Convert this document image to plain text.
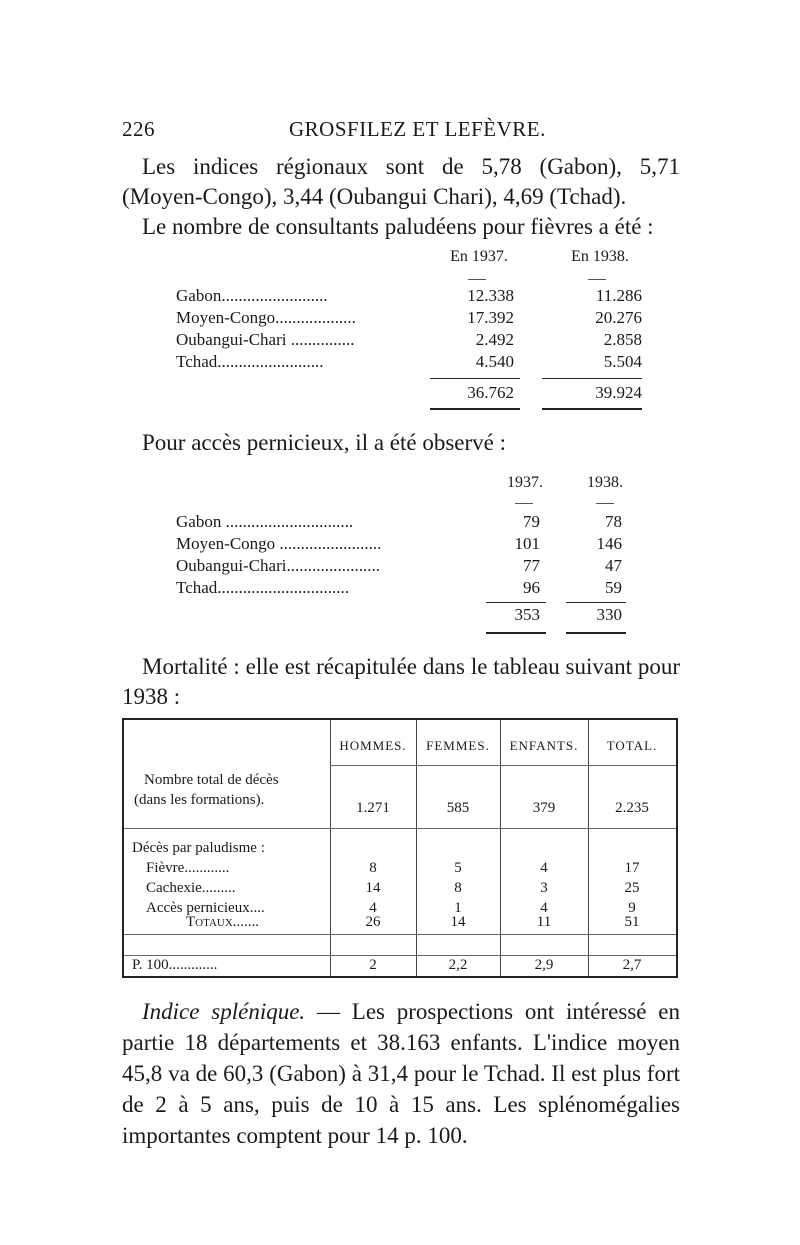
226	GROSFILEZ ET LEFÈVRE.
Les indices régionaux sont de 5,78 (Gabon), 5,71 (Moyen-Congo), 3,44 (Oubangui Chari), 4,69 (Tchad).
Le nombre de consultants paludéens pour fièvres a été :
En 1937.	En 1938.
Gabon.........................	12.338	11.286
Moyen-Congo...................	17.392	20.276
Oubangui-Chari ...............	2.492	2.858
Tchad.........................	4.540	5.504
36.762	39.924
Pour accès pernicieux, il a été observé :
1937.	1938.
Gabon ..............................	79	78
Moyen-Congo ........................	101	146
Oubangui-Chari......................	77	47
Tchad...............................	96	59
353	330
Mortalité : elle est récapitulée dans le tableau suivant pour 1938 :
HOMMES.	FEMMES.	ENFANTS.	TOTAL.
Nombre total de décès
(dans les formations).	1.271	585	379	2.235
Décès par paludisme :
Fièvre............	8	5	4	17
Cachexie.........	14	8	3	25
Accès pernicieux....	4	1	4	9
Totaux.......	26	14	11	51
P. 100.............	2	2,2	2,9	2,7
Indice splénique. — Les prospections ont intéressé en partie 18 départements et 38.163 enfants. L'indice moyen 45,8 va de 60,3 (Gabon) à 31,4 pour le Tchad. Il est plus fort de 2 à 5 ans, puis de 10 à 15 ans. Les splénomégalies importantes comptent pour 14 p. 100.
